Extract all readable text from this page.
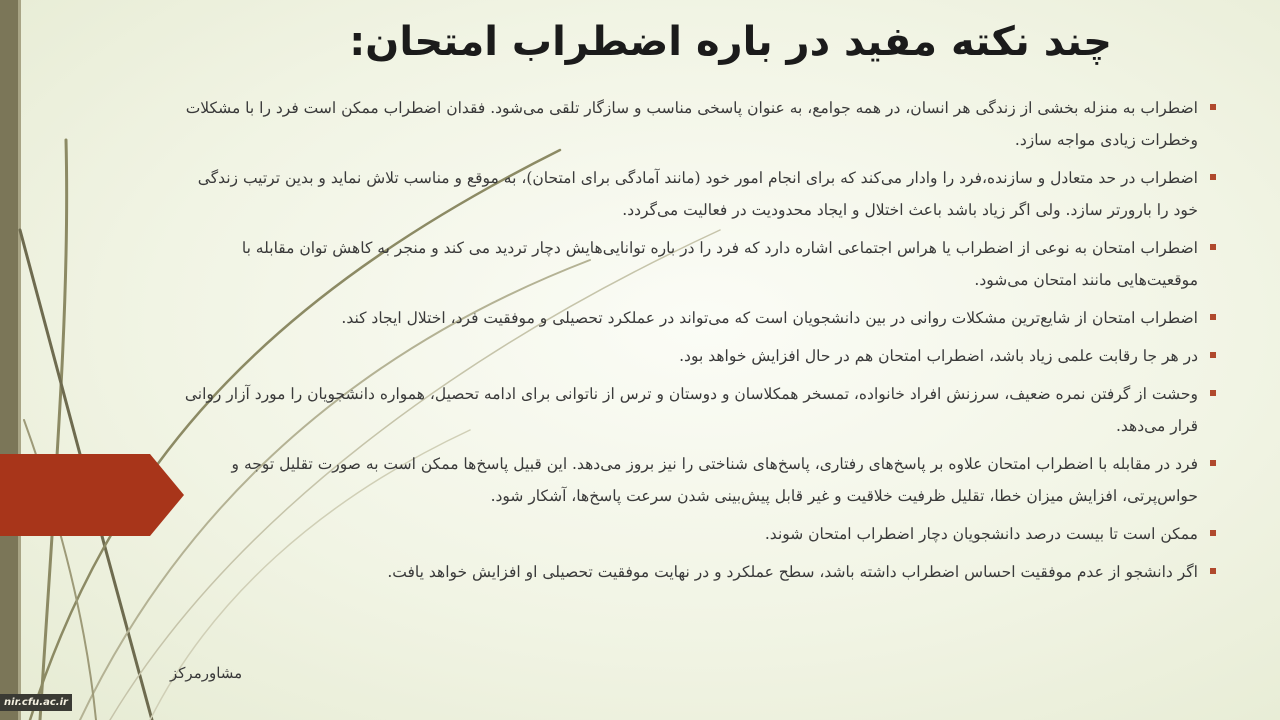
چند نکته مفید در باره اضطراب امتحان:
اضطراب به منزله بخشی از زندگی هر انسان، در همه جوامع، به عنوان پاسخی مناسب و سازگار تلقی می‌شود. فقدان اضطراب ممکن است فرد را با مشکلات وخطرات زیادی مواجه سازد.
اضطراب در حد متعادل و سازنده،فرد را وادار می‌کند که برای انجام امور خود (مانند آمادگی برای امتحان)، به موقع و مناسب تلاش نماید و بدین ترتیب زندگی خود را بارورتر سازد. ولی اگر زیاد باشد باعث اختلال و ایجاد محدودیت در فعالیت می‌گردد.
اضطراب امتحان به نوعی از اضطراب یا هراس اجتماعی اشاره دارد که فرد را در باره توانایی‌هایش دچار تردید می کند و منجر به کاهش توان مقابله با موقعیت‌هایی مانند امتحان می‌شود.
اضطراب امتحان از شایع‌ترین مشکلات روانی در بین دانشجویان است که می‌تواند در عملکرد تحصیلی و موفقیت فرد، اختلال ایجاد کند.
در هر جا رقابت علمی زیاد باشد، اضطراب امتحان هم در حال افزایش خواهد بود.
وحشت از گرفتن نمره ضعیف، سرزنش افراد خانواده، تمسخر همکلاسان و دوستان و ترس از ناتوانی برای ادامه تحصیل، همواره دانشجویان را مورد آزار روانی قرار می‌دهد.
فرد در مقابله با اضطراب امتحان علاوه بر پاسخ‌های رفتاری، پاسخ‌های شناختی را نیز بروز می‌دهد. این قبیل پاسخ‌ها ممکن است به صورت تقلیل توجه و حواس‌پرتی، افزایش میزان خطا، تقلیل ظرفیت خلاقیت و غیر قابل پیش‌بینی شدن سرعت پاسخ‌ها، آشکار شود.
ممکن است تا بیست درصد دانشجویان دچار اضطراب امتحان شوند.
اگر دانشجو از عدم موفقیت احساس اضطراب داشته باشد، سطح عملکرد و در نهایت موفقیت تحصیلی او افزایش خواهد یافت.
مشاورمرکز
nir.cfu.ac.ir
